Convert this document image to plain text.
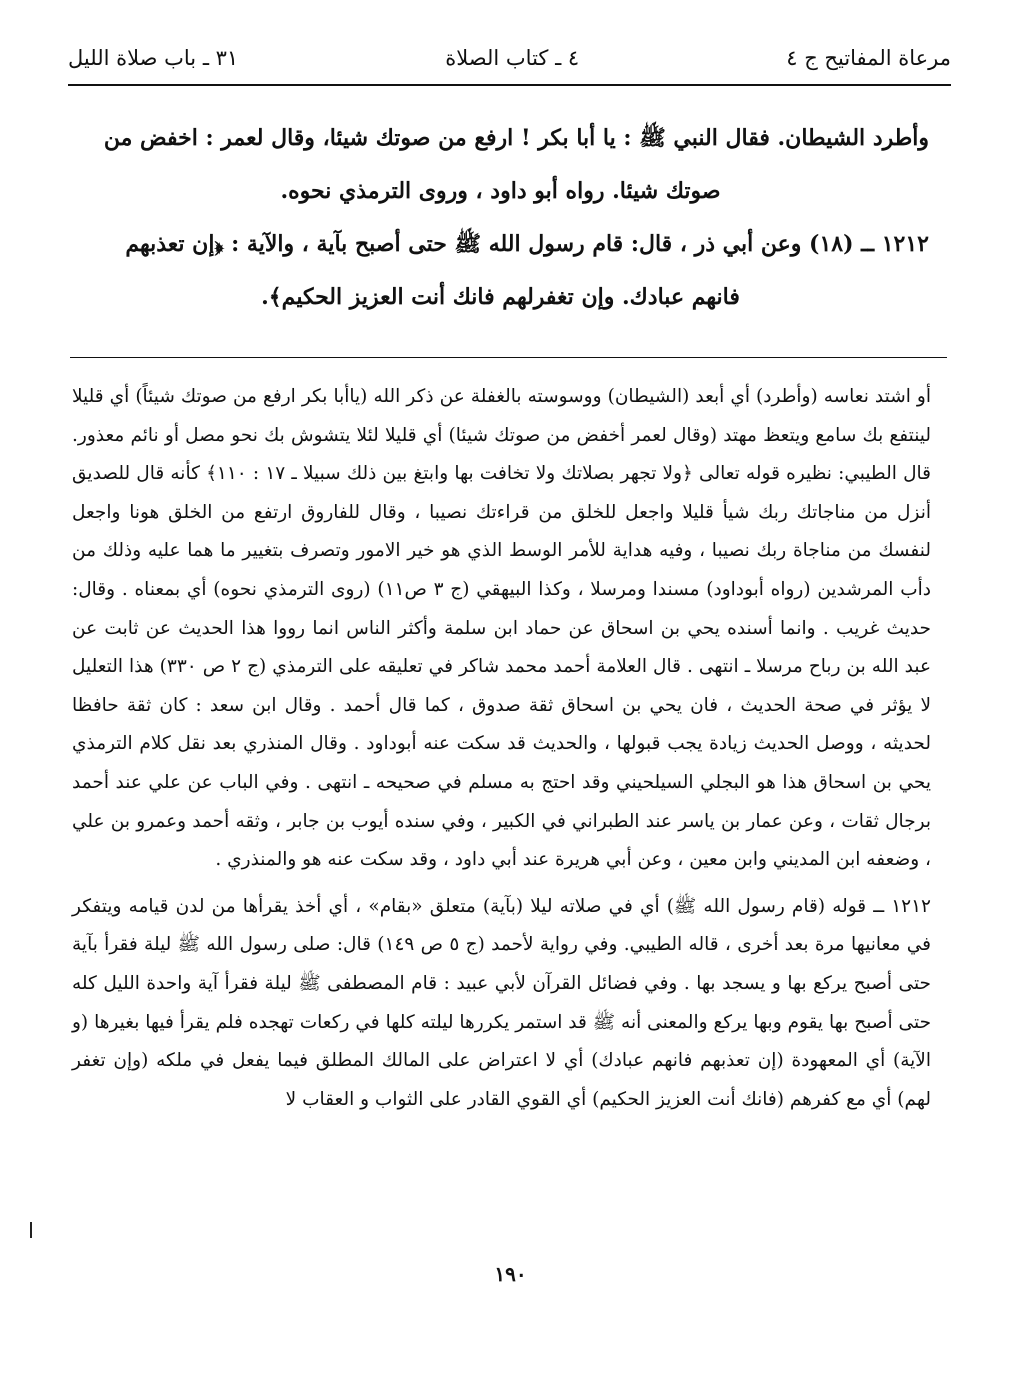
مرعاة المفاتيح ج ٤
٤ ـ كتاب الصلاة
٣١ ـ باب صلاة الليل

وأطرد الشيطان. فقال النبي ﷺ : يا أبا بكر ! ارفع من صوتك شيئا، وقال لعمر : اخفض من

صوتك شيئا. رواه أبو داود ، وروى الترمذي نحوه.

١٢١٢ ــ (١٨) وعن أبي ذر ، قال: قام رسول الله ﷺ حتى أصبح بآية ، والآية : ﴿إن تعذبهم

فانهم عبادك. وإن تغفرلهم فانك أنت العزيز الحكيم﴾.

أو اشتد نعاسه (وأطرد) أي أبعد (الشيطان) ووسوسته بالغفلة عن ذكر الله (ياأبا بكر ارفع من صوتك شيئاً) أي قليلا لينتفع بك سامع ويتعظ مهتد (وقال لعمر أخفض من صوتك شيئا) أي قليلا لئلا يتشوش بك نحو مصل أو نائم معذور. قال الطيبي: نظيره قوله تعالى ﴿ولا تجهر بصلاتك ولا تخافت بها وابتغ بين ذلك سبيلا ـ ١٧ : ١١٠﴾ كأنه قال للصديق أنزل من مناجاتك ربك شيأ قليلا واجعل للخلق من قراءتك نصيبا ، وقال للفاروق ارتفع من الخلق هونا واجعل لنفسك من مناجاة ربك نصيبا ، وفيه هداية للأمر الوسط الذي هو خير الامور وتصرف بتغيير ما هما عليه وذلك من دأب المرشدين (رواه أبوداود) مسندا ومرسلا ، وكذا البيهقي (ج ٣ ص١١) (روى الترمذي نحوه) أي بمعناه . وقال: حديث غريب . وانما أسنده يحي بن اسحاق عن حماد ابن سلمة وأكثر الناس انما رووا هذا الحديث عن ثابت عن عبد الله بن رباح مرسلا ـ انتهى . قال العلامة أحمد محمد شاكر في تعليقه على الترمذي (ج ٢ ص ٣٣٠) هذا التعليل لا يؤثر في صحة الحديث ، فان يحي بن اسحاق ثقة صدوق ، كما قال أحمد . وقال ابن سعد : كان ثقة حافظا لحديثه ، ووصل الحديث زيادة يجب قبولها ، والحديث قد سكت عنه أبوداود . وقال المنذري بعد نقل كلام الترمذي يحي بن اسحاق هذا هو البجلي السيلحيني وقد احتج به مسلم في صحيحه ـ انتهى . وفي الباب عن علي عند أحمد برجال ثقات ، وعن عمار بن ياسر عند الطبراني في الكبير ، وفي سنده أيوب بن جابر ، وثقه أحمد وعمرو بن علي ، وضعفه ابن المديني وابن معين ، وعن أبي هريرة عند أبي داود ، وقد سكت عنه هو والمنذري .

١٢١٢ ــ قوله (قام رسول الله ﷺ) أي في صلاته ليلا (بآية) متعلق «بقام» ، أي أخذ يقرأها من لدن قيامه ويتفكر في معانيها مرة بعد أخرى ، قاله الطيبي. وفي رواية لأحمد (ج ٥ ص ١٤٩) قال: صلى رسول الله ﷺ ليلة فقرأ بآية حتى أصبح يركع بها و يسجد بها . وفي فضائل القرآن لأبي عبيد : قام المصطفى ﷺ ليلة فقرأ آية واحدة الليل كله حتى أصبح بها يقوم وبها يركع والمعنى أنه ﷺ قد استمر يكررها ليلته كلها في ركعات تهجده فلم يقرأ فيها بغيرها (و الآية) أي المعهودة (إن تعذبهم فانهم عبادك) أي لا اعتراض على المالك المطلق فيما يفعل في ملكه (وإن تغفر لهم) أي مع كفرهم (فانك أنت العزيز الحكيم) أي القوي القادر على الثواب و العقاب لا

١٩٠
